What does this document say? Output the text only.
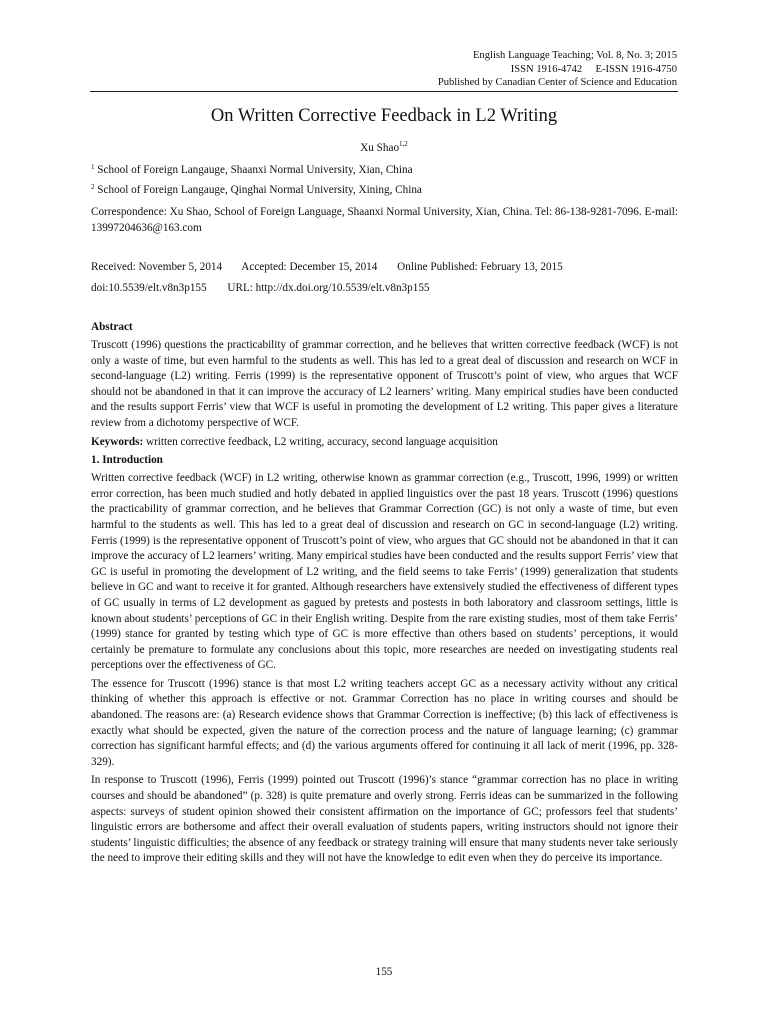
English Language Teaching; Vol. 8, No. 3; 2015
ISSN 1916-4742     E-ISSN 1916-4750
Published by Canadian Center of Science and Education
On Written Corrective Feedback in L2 Writing
Xu Shao$^{1,2}$
$^1$ School of Foreign Langauge, Shaanxi Normal University, Xian, China
$^2$ School of Foreign Langauge, Qinghai Normal University, Xining, China

Correspondence: Xu Shao, School of Foreign Language, Shaanxi Normal University, Xian, China. Tel: 86-138-9281-7096. E-mail: 13997204636@163.com

Received: November 5, 2014 Accepted: December 15, 2014 Online Published: February 13, 2015
doi:10.5539/elt.v8n3p155 URL: http://dx.doi.org/10.5539/elt.v8n3p155
Abstract

Truscott (1996) questions the practicability of grammar correction, and he believes that written corrective feedback (WCF) is not only a waste of time, but even harmful to the students as well. This has led to a great deal of discussion and research on WCF in second-language (L2) writing. Ferris (1999) is the representative opponent of Truscott’s point of view, who argues that WCF should not be abandoned in that it can improve the accuracy of L2 learners’ writing. Many empirical studies have been conducted and the results support Ferris’ view that WCF is useful in promoting the development of L2 writing. This paper gives a literature review from a dichotomy perspective of WCF.

Keywords: written corrective feedback, L2 writing, accuracy, second language acquisition

1. Introduction

Written corrective feedback (WCF) in L2 writing, otherwise known as grammar correction (e.g., Truscott, 1996, 1999) or written error correction, has been much studied and hotly debated in applied linguistics over the past 18 years. Truscott (1996) questions the practicability of grammar correction, and he believes that Grammar Correction (GC) is not only a waste of time, but even harmful to the students as well. This has led to a great deal of discussion and research on GC in second-language (L2) writing. Ferris (1999) is the representative opponent of Truscott’s point of view, who argues that GC should not be abandoned in that it can improve the accuracy of L2 learners’ writing. Many empirical studies have been conducted and the results support Ferris’ view that GC is useful in promoting the development of L2 writing, and the field seems to take Ferris’ (1999) generalization that students believe in GC and want to receive it for granted. Although researchers have extensively studied the effectiveness of different types of GC usually in terms of L2 development as gagued by pretests and postests in both laboratory and classroom settings, little is known about students’ perceptions of GC in their English writing. Despite from the rare existing studies, most of them take Ferris’ (1999) stance for granted by testing which type of GC is more effective than others based on students’ perceptions, it would certainly be premature to formulate any conclusions about this topic, more researches are needed on investigating students real perceptions over the effectiveness of GC.

The essence for Truscott (1996) stance is that most L2 writing teachers accept GC as a necessary activity without any critical thinking of whether this approach is effective or not. Grammar Correction has no place in writing courses and should be abandoned. The reasons are: (a) Research evidence shows that Grammar Correction is ineffective; (b) this lack of effectiveness is exactly what should be expected, given the nature of the correction process and the nature of language learning; (c) grammar correction has significant harmful effects; and (d) the various arguments offered for continuing it all lack of merit (1996, pp. 328-329).

In response to Truscott (1996), Ferris (1999) pointed out Truscott (1996)’s stance “grammar correction has no place in writing courses and should be abandoned” (p. 328) is quite premature and overly strong. Ferris ideas can be summarized in the following aspects: surveys of student opinion showed their consistent affirmation on the importance of GC; professors feel that students’ linguistic errors are bothersome and affect their overall evaluation of students papers, writing instructors should not ignore their students’ linguistic difficulties; the absence of any feedback or strategy training will ensure that many students never take seriously the need to improve their editing skills and they will not have the knowledge to edit even when they do perceive its importance.

155
